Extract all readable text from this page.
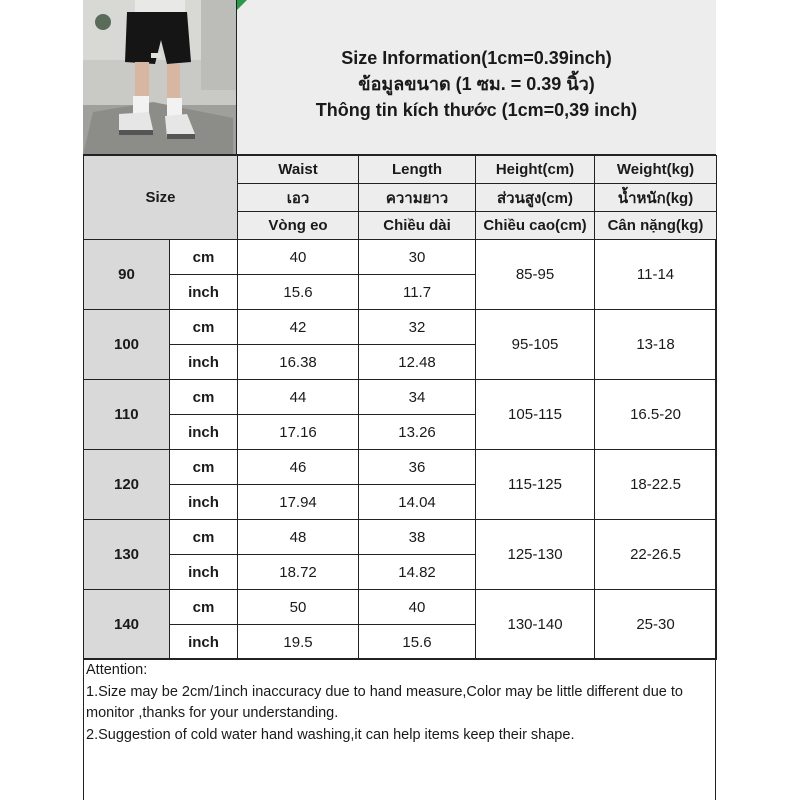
Size Information(1cm=0.39inch)
ข้อมูลขนาด (1 ซม. = 0.39 นิ้ว)
Thông tin kích thước (1cm=0,39 inch)
Size		Waist	Length	Height(cm)	Weight(kg)
		เอว	ความยาว	ส่วนสูง(cm)	น้ำหนัก(kg)
		Vòng eo	Chiều dài	Chiều cao(cm)	Cân nặng(kg)
90	cm	40	30	85-95	11-14
	inch	15.6	11.7		
100	cm	42	32	95-105	13-18
	inch	16.38	12.48		
110	cm	44	34	105-115	16.5-20
	inch	17.16	13.26		
120	cm	46	36	115-125	18-22.5
	inch	17.94	14.04		
130	cm	48	38	125-130	22-26.5
	inch	18.72	14.82		
140	cm	50	40	130-140	25-30
	inch	19.5	15.6		
Attention:
1.Size may be 2cm/1inch inaccuracy due to hand measure,Color may be little different due to monitor ,thanks for your understanding.
2.Suggestion of cold water hand washing,it can help items keep their shape.
